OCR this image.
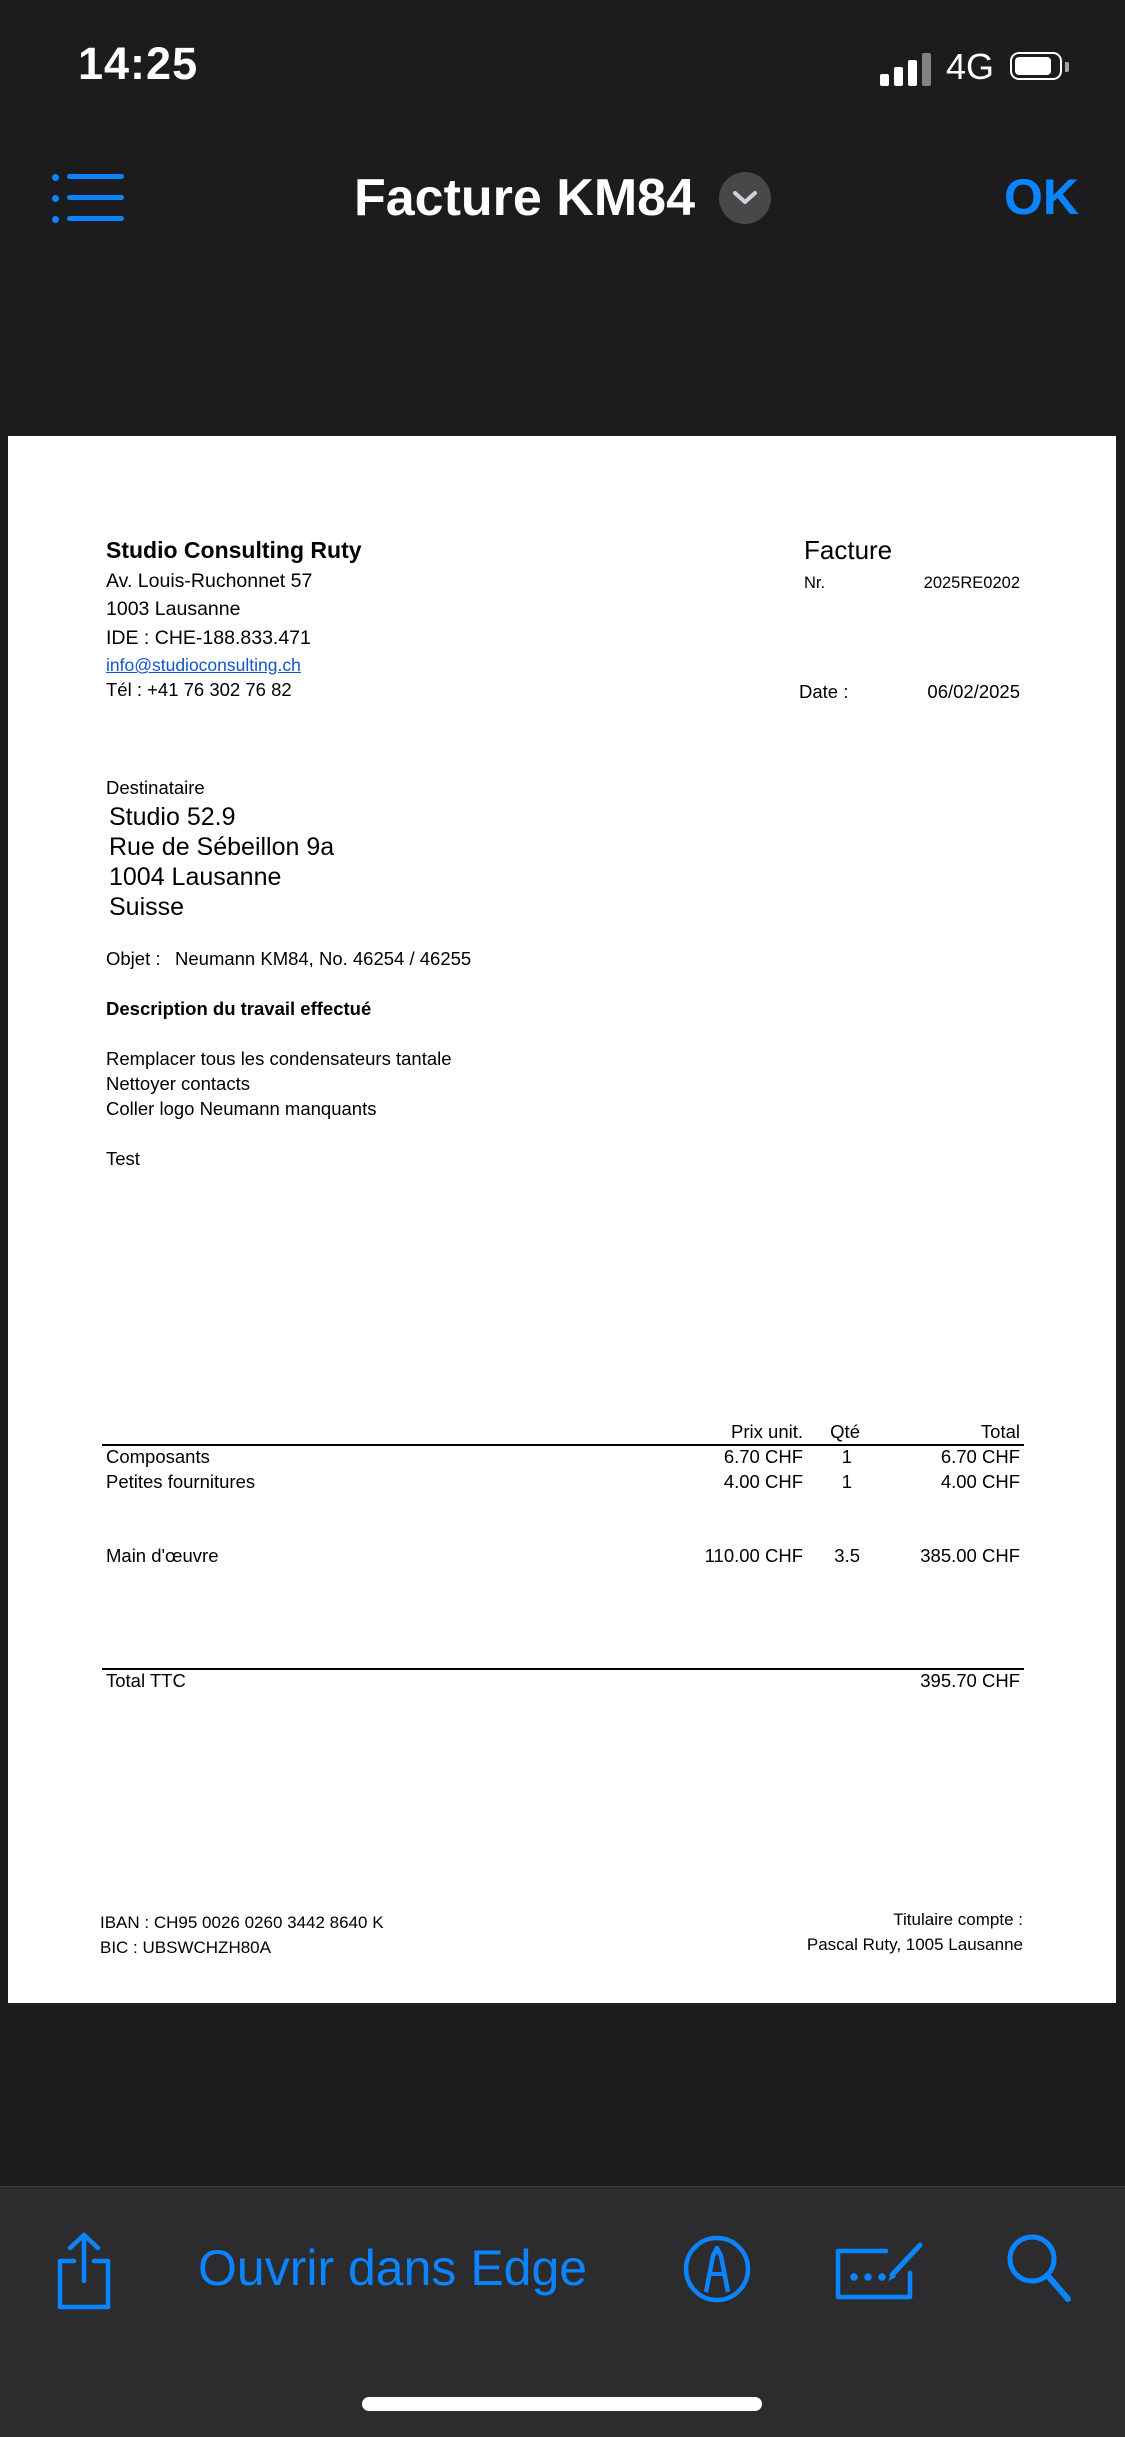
14:25	4G
Facture KM84	OK
Studio Consulting Ruty
Av. Louis-Ruchonnet 57
1003 Lausanne
IDE : CHE-188.833.471
info@studioconsulting.ch
Tél : +41 76 302 76 82
Facture
Nr.	2025RE0202
Date :	06/02/2025
Destinataire
Studio 52.9
Rue de Sébeillon 9a
1004 Lausanne
Suisse
Objet : Neumann KM84, No. 46254 / 46255
Description du travail effectué
Remplacer tous les condensateurs tantale
Nettoyer contacts
Coller logo Neumann manquants
Test
Prix unit.	Qté	Total
Composants	6.70 CHF	1	6.70 CHF
Petites fournitures	4.00 CHF	1	4.00 CHF
Main d'œuvre	110.00 CHF	3.5	385.00 CHF
Total TTC	395.70 CHF
IBAN : CH95 0026 0260 3442 8640 K
BIC : UBSWCHZH80A
Titulaire compte :
Pascal Ruty, 1005 Lausanne
Ouvrir dans Edge
